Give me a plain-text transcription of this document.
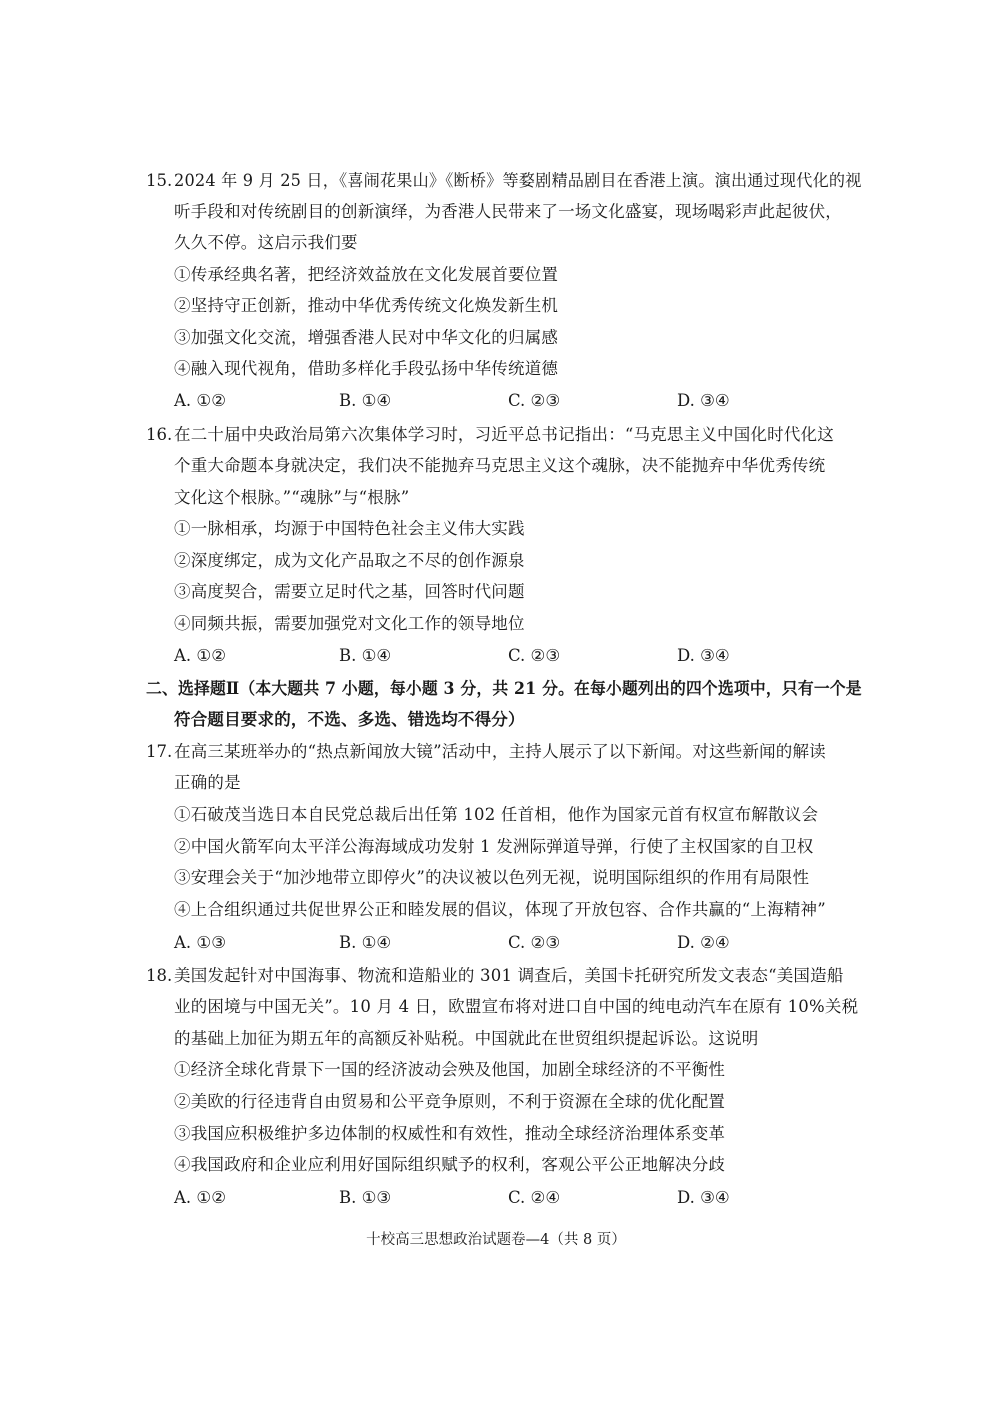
15. 2024 年 9 月 25 日，《喜闹花果山》《断桥》等婺剧精品剧目在香港上演。演出通过现代化的视
听手段和对传统剧目的创新演绎，为香港人民带来了一场文化盛宴，现场喝彩声此起彼伏，
久久不停。这启示我们要
①传承经典名著，把经济效益放在文化发展首要位置
②坚持守正创新，推动中华优秀传统文化焕发新生机
③加强文化交流，增强香港人民对中华文化的归属感
④融入现代视角，借助多样化手段弘扬中华传统道德
A. ①②	B. ①④	C. ②③	D. ③④
16. 在二十届中央政治局第六次集体学习时，习近平总书记指出：“马克思主义中国化时代化这
个重大命题本身就决定，我们决不能抛弃马克思主义这个魂脉，决不能抛弃中华优秀传统
文化这个根脉。”“魂脉”与“根脉”
①一脉相承，均源于中国特色社会主义伟大实践
②深度绑定，成为文化产品取之不尽的创作源泉
③高度契合，需要立足时代之基，回答时代问题
④同频共振，需要加强党对文化工作的领导地位
A. ①②	B. ①④	C. ②③	D. ③④
二、选择题Ⅱ（本大题共 7 小题，每小题 3 分，共 21 分。在每小题列出的四个选项中，只有一个是
符合题目要求的，不选、多选、错选均不得分）
17. 在高三某班举办的“热点新闻放大镜”活动中，主持人展示了以下新闻。对这些新闻的解读
正确的是
①石破茂当选日本自民党总裁后出任第 102 任首相，他作为国家元首有权宣布解散议会
②中国火箭军向太平洋公海海域成功发射 1 发洲际弹道导弹，行使了主权国家的自卫权
③安理会关于“加沙地带立即停火”的决议被以色列无视，说明国际组织的作用有局限性
④上合组织通过共促世界公正和睦发展的倡议，体现了开放包容、合作共赢的“上海精神”
A. ①③	B. ①④	C. ②③	D. ②④
18. 美国发起针对中国海事、物流和造船业的 301 调查后，美国卡托研究所发文表态“美国造船
业的困境与中国无关”。10 月 4 日，欧盟宣布将对进口自中国的纯电动汽车在原有 10%关税
的基础上加征为期五年的高额反补贴税。中国就此在世贸组织提起诉讼。这说明
①经济全球化背景下一国的经济波动会殃及他国，加剧全球经济的不平衡性
②美欧的行径违背自由贸易和公平竞争原则，不利于资源在全球的优化配置
③我国应积极维护多边体制的权威性和有效性，推动全球经济治理体系变革
④我国政府和企业应利用好国际组织赋予的权利，客观公平公正地解决分歧
A. ①②	B. ①③	C. ②④	D. ③④
十校高三思想政治试题卷—4（共 8 页）
